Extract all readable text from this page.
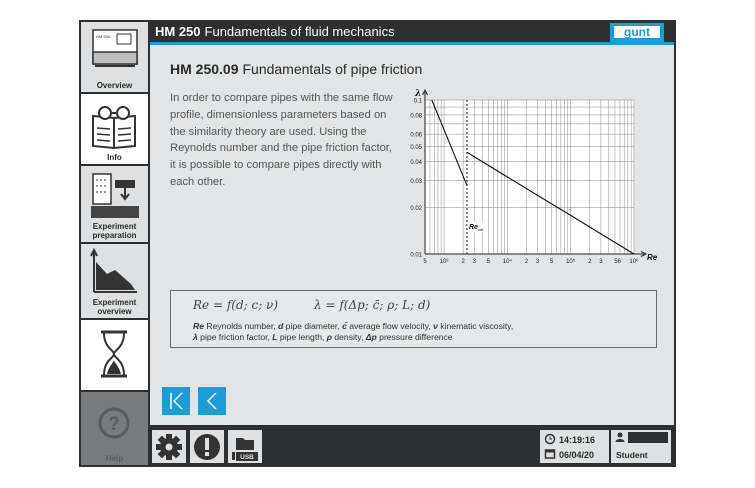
HM 250
Overview
Info
Experiment
preparation
Experiment
overview
?
Help
HM 250 Fundamentals of fluid mechanics	gunt
HM 250.09 Fundamentals of pipe friction
In order to compare pipes with the same flow profile, dimensionless parameters based on the similarity theory are used. Using the Reynolds number and the pipe friction factor, it is possible to compare pipes directly with each other.
λ
Re
0.1
0.08
0.06
0.05
0.04
0.03
0.02
0.01
5 10³ 2 3 5 10⁴ 2 3 5 10⁵ 2 3 56 10⁶
Re crit
Re = f(d; c; ν)	λ = f(Δp; c̄; ρ; L; d)
Re Reynolds number, d pipe diameter, c̄ average flow velocity, ν kinematic viscosity,
λ pipe friction factor, L pipe length, ρ density, Δp pressure difference
USB
14:19:16
06/04/20	Student
